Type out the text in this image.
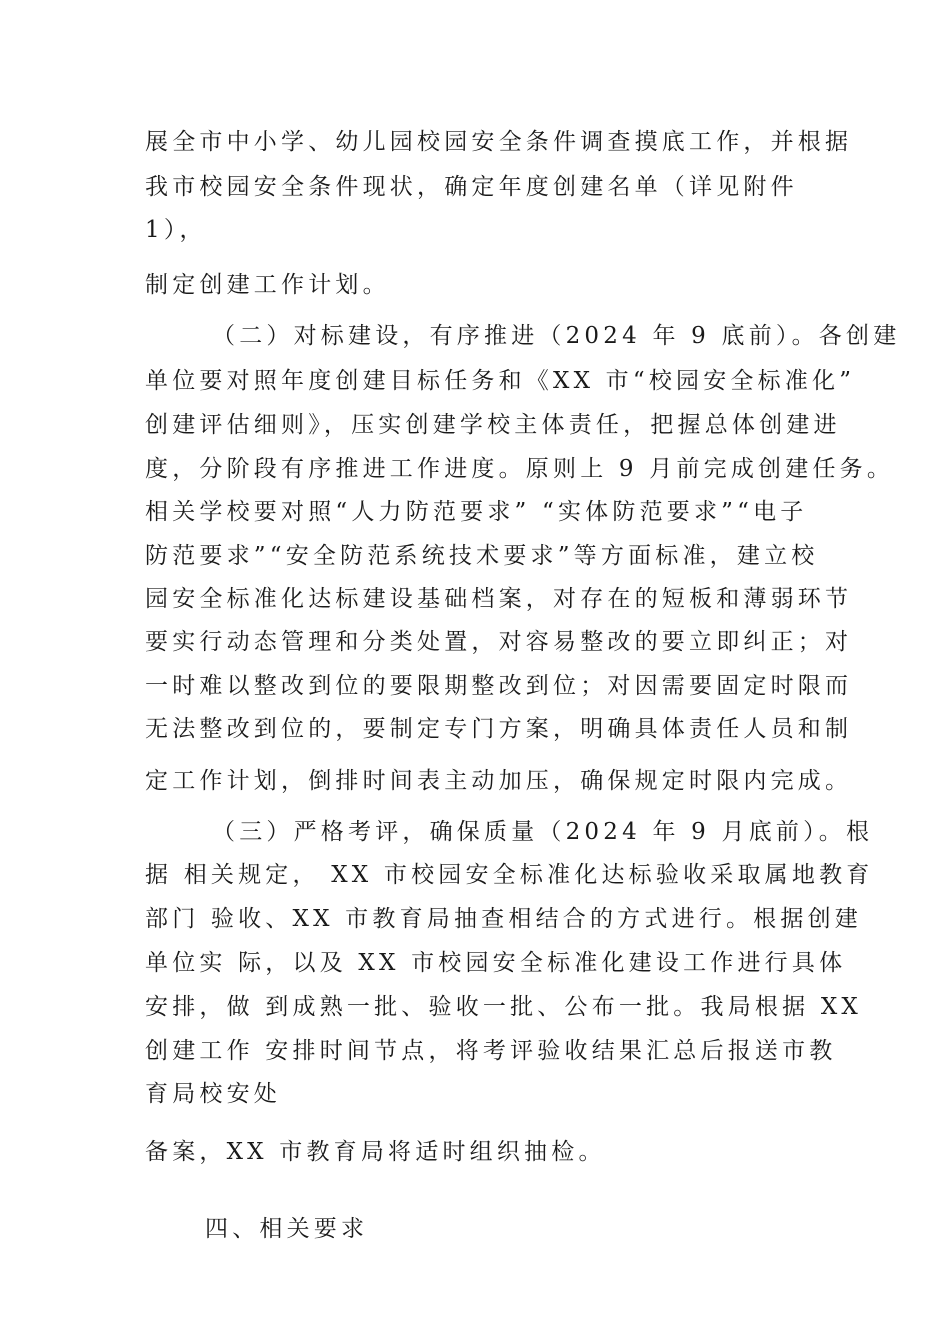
展全市中小学、幼儿园校园安全条件调查摸底工作，并根据
我市校园安全条件现状，确定年度创建名单（详见附件
1），
制定创建工作计划。
（二）对标建设，有序推进（2024 年 9 底前）。各创建
单位要对照年度创建目标任务和《XX 市“校园安全标准化”
创建评估细则》，压实创建学校主体责任，把握总体创建进
度，分阶段有序推进工作进度。原则上 9 月前完成创建任务。
相关学校要对照“人力防范要求” “实体防范要求”“电子
防范要求”“安全防范系统技术要求”等方面标准，建立校
园安全标准化达标建设基础档案，对存在的短板和薄弱环节
要实行动态管理和分类处置，对容易整改的要立即纠正；对
一时难以整改到位的要限期整改到位；对因需要固定时限而
无法整改到位的，要制定专门方案，明确具体责任人员和制
定工作计划，倒排时间表主动加压，确保规定时限内完成。
（三）严格考评，确保质量（2024 年 9 月底前）。根
据 相关规定， XX 市校园安全标准化达标验收采取属地教育
部门 验收、XX 市教育局抽查相结合的方式进行。根据创建
单位实 际，以及 XX 市校园安全标准化建设工作进行具体
安排，做 到成熟一批、验收一批、公布一批。我局根据 XX
创建工作 安排时间节点，将考评验收结果汇总后报送市教
育局校安处
备案，XX 市教育局将适时组织抽检。
四、相关要求
